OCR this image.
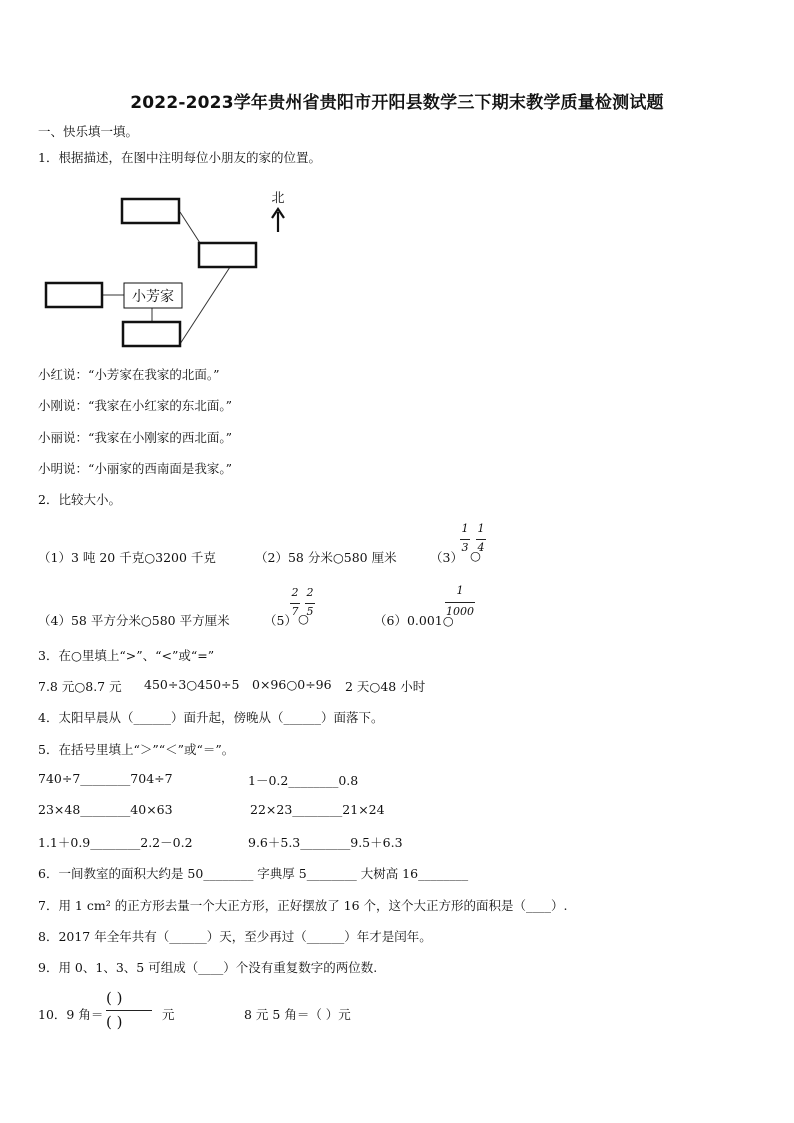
2022-2023学年贵州省贵阳市开阳县数学三下期末教学质量检测试题
一、快乐填一填。
1．根据描述，在图中注明每位小朋友的家的位置。
小芳家
北
小红说：“小芳家在我家的北面。”
小刚说：“我家在小红家的东北面。”
小丽说：“我家在小刚家的西北面。”
小明说：“小丽家的西南面是我家。”
2．比较大小。
（1）3 吨 20 千克○3200 千克	（2）58 分米○580 厘米	（3）
1
3
○
1
4
（4）58 平方分米○580 平方厘米	（5）
2
7 ○
2
5
（6）0.001○
1
1000
3．在○里填上“>”、“<”或“=”
7.8 元○8.7 元 450÷3○450÷5 0×96○0÷96 2 天○48 小时
4．太阳早晨从（______）面升起，傍晚从（______）面落下。
5．在括号里填上“＞”“＜”或“＝”。
740÷7________704÷7	1－0.2________0.8
23×48________40×63	22×23________21×24
1.1＋0.9________2.2－0.2	9.6＋5.3________9.5＋6.3
6．一间教室的面积大约是 50________ 字典厚 5________ 大树高 16________
7．用 1 cm² 的正方形去量一个大正方形，正好摆放了 16 个，这个大正方形的面积是（____）.
8．2017 年全年共有（______）天，至少再过（______）年才是闰年。
9．用 0、1、3、5 可组成（____）个没有重复数字的两位数.
10．9 角＝
( )
( )	元	8 元 5 角＝（ ）元
